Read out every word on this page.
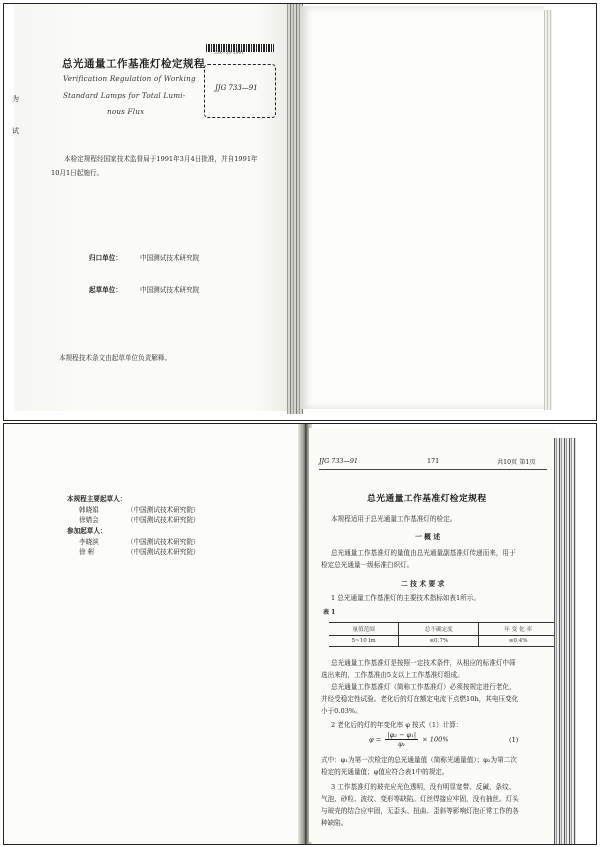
为
试
330733-1991
总光通量工作基准灯检定规程
Verification Regulation of Working
Standard Lamps for Total Lumi-
nous Flux
JJG 733—91
本检定规程经国家技术监督局于1991年3月4日批准，并自1991年
10月1日起施行。
归口单位：	中国测试技术研究院
起草单位：	中国测试技术研究院
本规程技术条文由起草单位负责解释。
本规程主要起草人：
韩晓娟	（中国测试技术研究院）
徐婧会	（中国测试技术研究院）
参加起草人：
李晓滨	（中国测试技术研究院）
徐 彬	（中国测试技术研究院）
JJG 733—91	171	共10页 第1页
总光通量工作基准灯检定规程
本规程适用于总光通量工作基准灯的检定。
一 概 述
总光通量工作基准灯的量值由总光通量副基准灯传递而来，用于
检定总光通量一级标准白炽灯。
二 技 术 要 求
1 总光通量工作基准灯的主要技术指标如表1所示。
表 1
量值范围	总不确定度	年 变 化 率
5~10 lm	≤0.7%	≤0.4%
总光通量工作基准灯是按照一定技术条件，从相应的标准灯中筛
选出来的，工作基准由5支以上工作基准灯组成。
总光通量工作基准灯（简称工作基准灯）必须按规定进行老化，
并经受稳定性试验。老化后的灯在额定电流下点燃10h，其电压变化
小于0.03%。
2 老化后的灯的年变化率 φ 按式（1）计算：
$\varphi = \frac{\text{|φ₂ − φ₁|}}{\text{φ₁}} \times 100\%$	(1)
式中：φ₁为第一次检定的总光通量值（简称光通量值）；φ₂为第二次
检定的光通量值；φ值应符合表1中的规定。
3 工作基准灯的玻壳应光色透明，没有明显宽带、反碱、条纹、
气泡、砂粒、波纹、变形等缺陷。灯丝焊接应牢固，没有抽丝。灯头
与玻壳的结合应牢固，无歪头、扭曲、歪斜等影响灯泡正常工作的各
种缺陷。
